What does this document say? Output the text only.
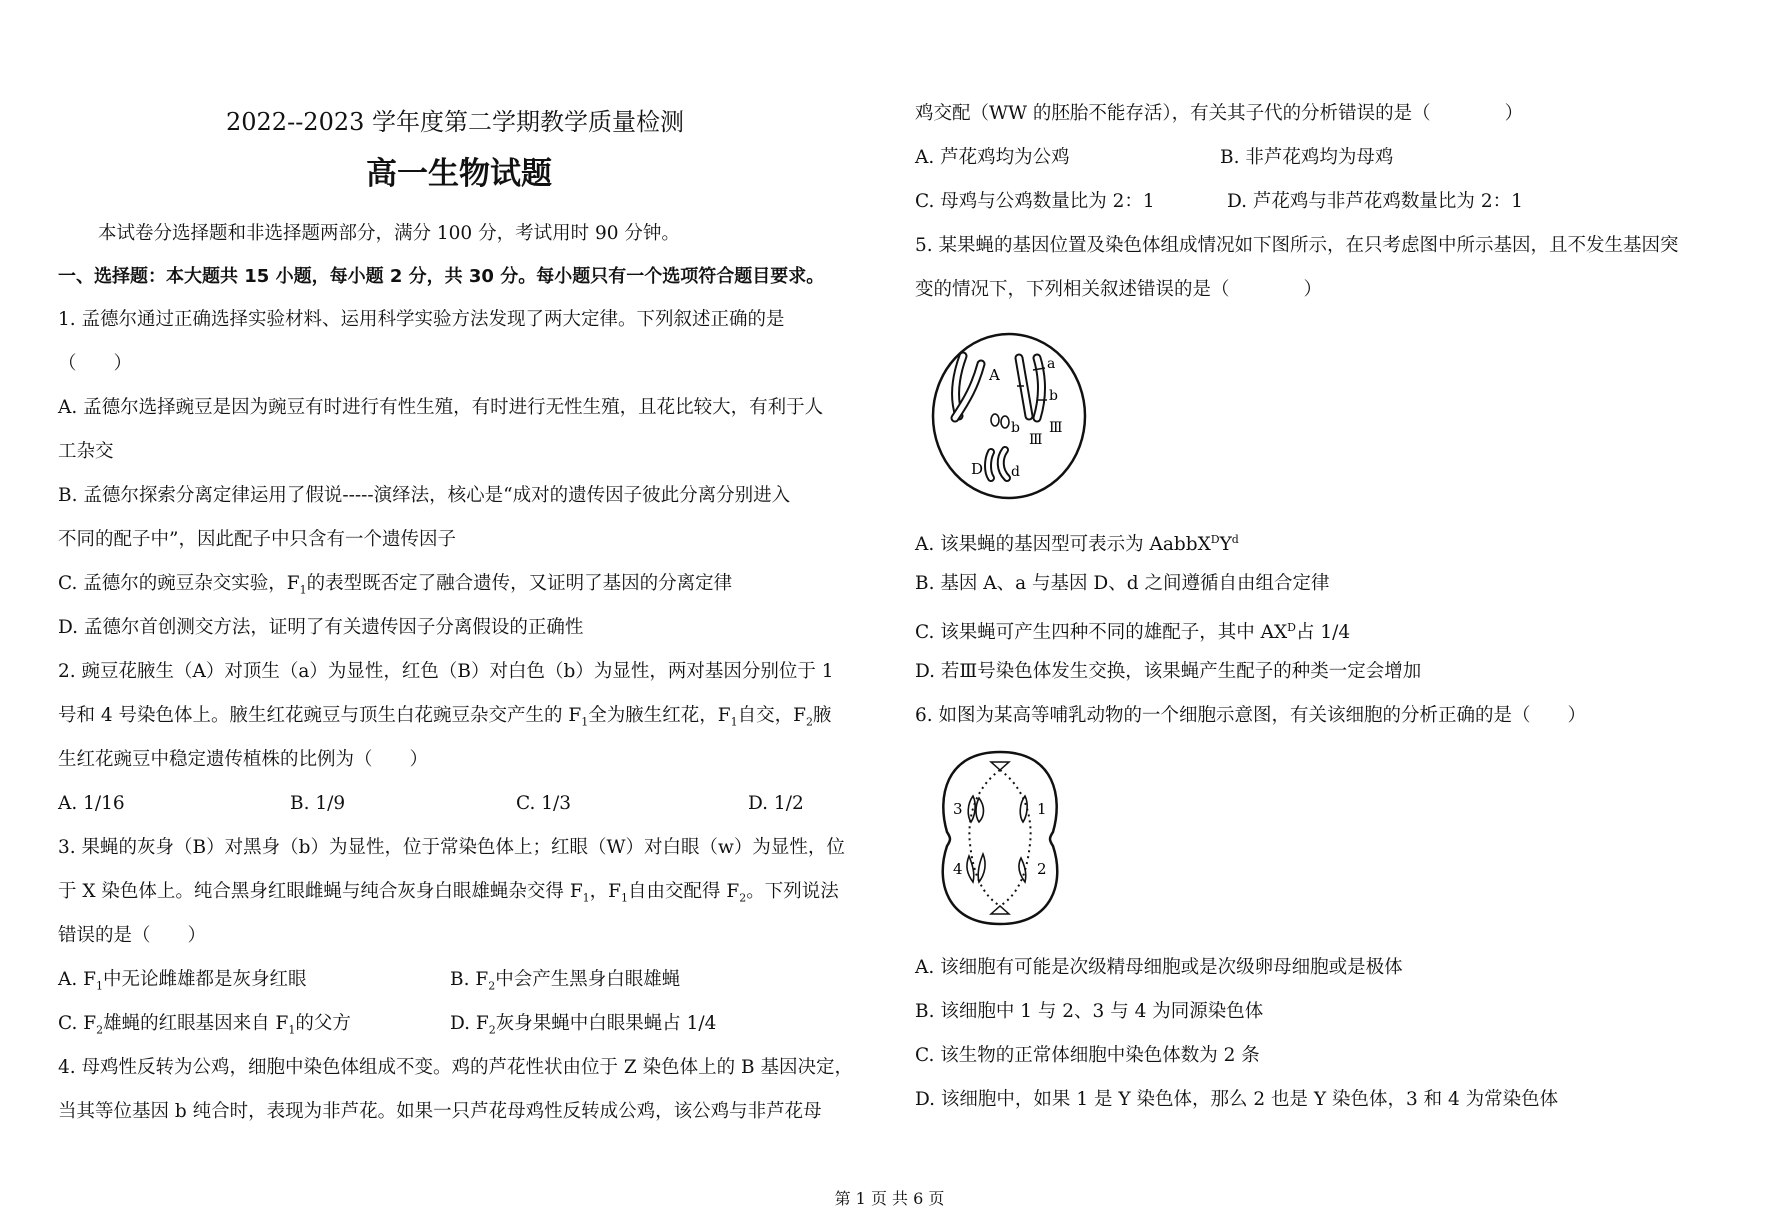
2022--2023 学年度第二学期教学质量检测
高一生物试题
本试卷分选择题和非选择题两部分，满分 100 分，考试用时 90 分钟。
一、选择题：本大题共 15 小题，每小题 2 分，共 30 分。每小题只有一个选项符合题目要求。
1. 孟德尔通过正确选择实验材料、运用科学实验方法发现了两大定律。下列叙述正确的是
（　　）
A. 孟德尔选择豌豆是因为豌豆有时进行有性生殖，有时进行无性生殖，且花比较大，有利于人
工杂交
B. 孟德尔探索分离定律运用了假说-----演绎法，核心是“成对的遗传因子彼此分离分别进入
不同的配子中”，因此配子中只含有一个遗传因子
C. 孟德尔的豌豆杂交实验，$F_1$的表型既否定了融合遗传，又证明了基因的分离定律
D. 孟德尔首创测交方法，证明了有关遗传因子分离假设的正确性
2. 豌豆花腋生（A）对顶生（a）为显性，红色（B）对白色（b）为显性，两对基因分别位于 1
号和 4 号染色体上。腋生红花豌豆与顶生白花豌豆杂交产生的 $F_1$全为腋生红花，$F_1$自交，$F_2$腋
生红花豌豆中稳定遗传植株的比例为（　　）
A. 1/16	B. 1/9	C. 1/3	D. 1/2
3. 果蝇的灰身（B）对黑身（b）为显性，位于常染色体上；红眼（W）对白眼（w）为显性，位
于 X 染色体上。纯合黑身红眼雌蝇与纯合灰身白眼雄蝇杂交得 $F_1$，$F_1$自由交配得 $F_2$。下列说法
错误的是（　　）
A. $F_1$中无论雌雄都是灰身红眼	B. $F_2$中会产生黑身白眼雄蝇
C. $F_2$雄蝇的红眼基因来自 $F_1$的父方	D. $F_2$灰身果蝇中白眼果蝇占 1/4
4. 母鸡性反转为公鸡，细胞中染色体组成不变。鸡的芦花性状由位于 Z 染色体上的 B 基因决定，
当其等位基因 b 纯合时，表现为非芦花。如果一只芦花母鸡性反转成公鸡，该公鸡与非芦花母
鸡交配（WW 的胚胎不能存活），有关其子代的分析错误的是（　　　　）
A. 芦花鸡均为公鸡	B. 非芦花鸡均为母鸡
C. 母鸡与公鸡数量比为 2：1	D. 芦花鸡与非芦花鸡数量比为 2：1
5. 某果蝇的基因位置及染色体组成情况如下图所示，在只考虑图中所示基因，且不发生基因突
变的情况下，下列相关叙述错误的是（　　　　）
A
a
b
b
Ⅲ
Ⅲ
D d
A. 该果蝇的基因型可表示为 $AabbX^DY^d$
B. 基因 A、a 与基因 D、d 之间遵循自由组合定律
C. 该果蝇可产生四种不同的雄配子，其中 $AX^D$占 1/4
D. 若Ⅲ号染色体发生交换，该果蝇产生配子的种类一定会增加
6. 如图为某高等哺乳动物的一个细胞示意图，有关该细胞的分析正确的是（　　）
3	1
4	2
A. 该细胞有可能是次级精母细胞或是次级卵母细胞或是极体
B. 该细胞中 1 与 2、3 与 4 为同源染色体
C. 该生物的正常体细胞中染色体数为 2 条
D. 该细胞中，如果 1 是 Y 染色体，那么 2 也是 Y 染色体，3 和 4 为常染色体
第 1 页 共 6 页
